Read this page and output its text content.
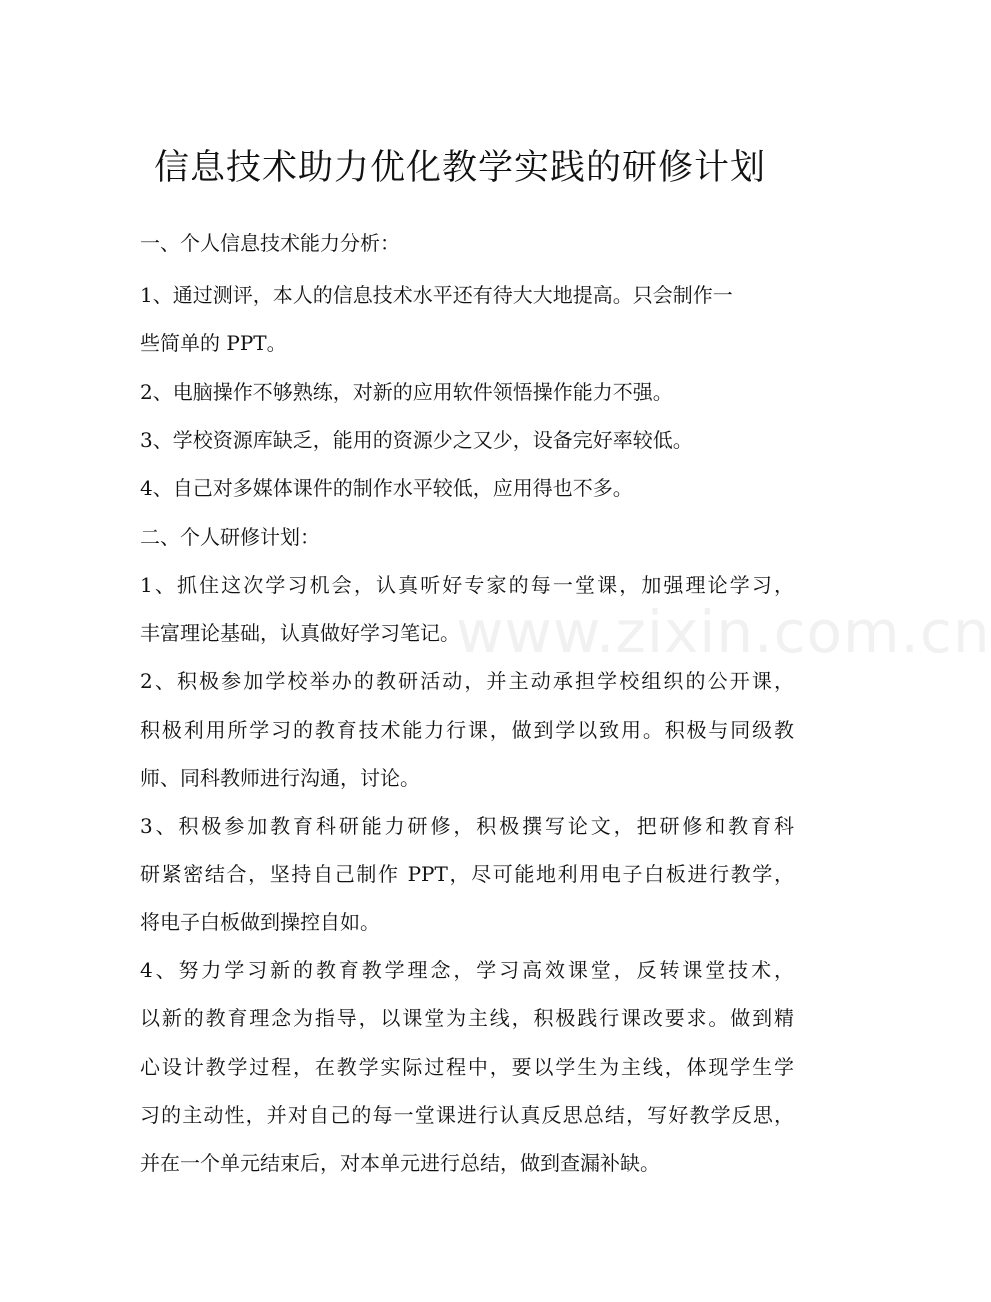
信息技术助力优化教学实践的研修计划
一、个人信息技术能力分析：
1、通过测评，本人的信息技术水平还有待大大地提高。只会制作一
些简单的 PPT。
2、电脑操作不够熟练，对新的应用软件领悟操作能力不强。
3、学校资源库缺乏，能用的资源少之又少，设备完好率较低。
4、自己对多媒体课件的制作水平较低，应用得也不多。
二、个人研修计划：
1、抓住这次学习机会，认真听好专家的每一堂课，加强理论学习，
丰富理论基础，认真做好学习笔记。
2、积极参加学校举办的教研活动，并主动承担学校组织的公开课，
积极利用所学习的教育技术能力行课，做到学以致用。积极与同级教
师、同科教师进行沟通，讨论。
3、积极参加教育科研能力研修，积极撰写论文，把研修和教育科
研紧密结合，坚持自己制作 PPT，尽可能地利用电子白板进行教学，
将电子白板做到操控自如。
4、努力学习新的教育教学理念，学习高效课堂，反转课堂技术，
以新的教育理念为指导，以课堂为主线，积极践行课改要求。做到精
心设计教学过程，在教学实际过程中，要以学生为主线，体现学生学
习的主动性，并对自己的每一堂课进行认真反思总结，写好教学反思，
并在一个单元结束后，对本单元进行总结，做到查漏补缺。
www.zixin.com.cn
